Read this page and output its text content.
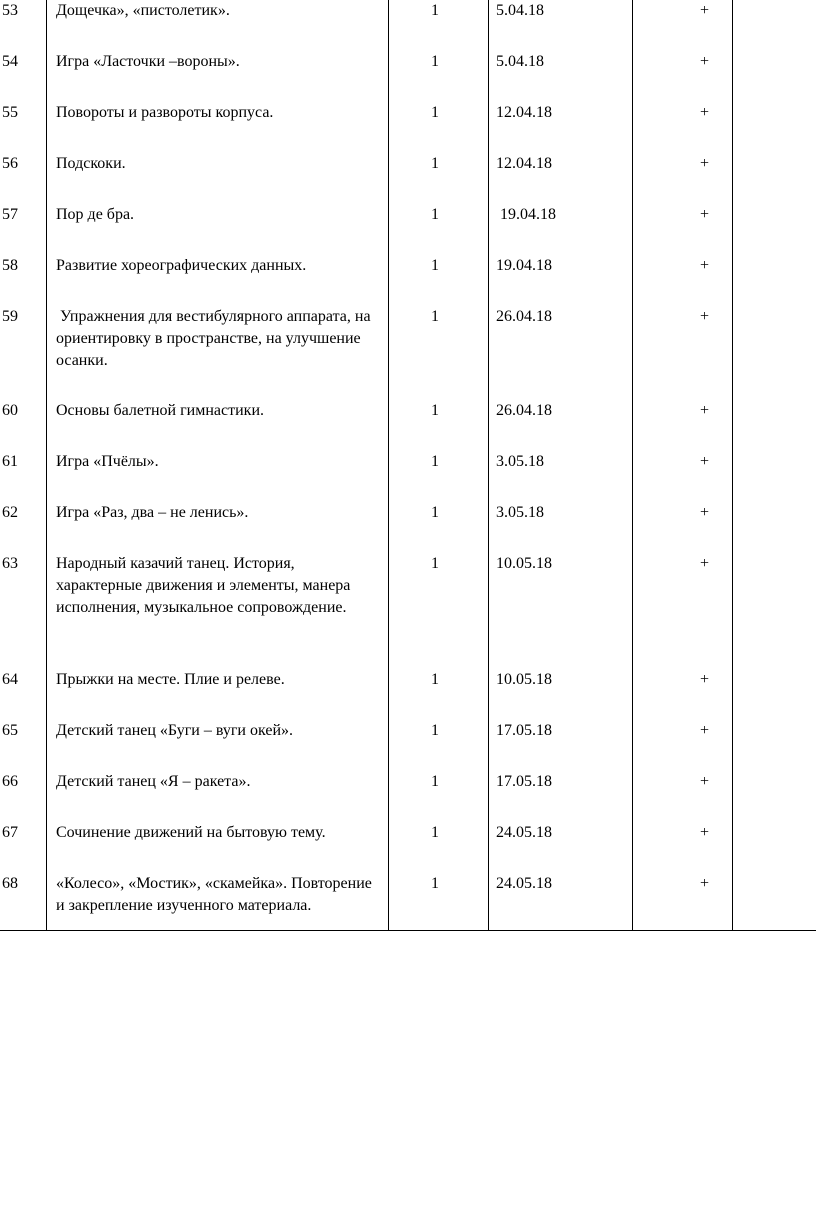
53	Дощечка», «пистолетик».	1	5.04.18	+	

54	Игра «Ласточки –вороны».	1	5.04.18	+	

55	Повороты и развороты корпуса.	1	12.04.18	+	

56	Подскоки.	1	12.04.18	+	

57	Пор де бра.	1	19.04.18	+	

58	Развитие хореографических данных.	1	19.04.18	+	

59	Упражнения для вестибулярного аппарата, на ориентировку в пространстве, на улучшение осанки.	1	26.04.18	+	

60	Основы балетной гимнастики.	1	26.04.18	+	

61	Игра «Пчёлы».	1	3.05.18	+	

62	Игра «Раз, два – не ленись».	1	3.05.18	+	

63	Народный казачий танец. История, характерные движения и элементы, манера исполнения, музыкальное сопровождение.	1	10.05.18	+	

64	Прыжки на месте. Плие и релеве.	1	10.05.18	+	

65	Детский танец «Буги – вуги окей».	1	17.05.18	+	

66	Детский танец «Я – ракета».	1	17.05.18	+	

67	Сочинение движений на бытовую тему.	1	24.05.18	+	

68	«Колесо», «Мостик», «скамейка». Повторение и закрепление изученного материала.	1	24.05.18	+	
